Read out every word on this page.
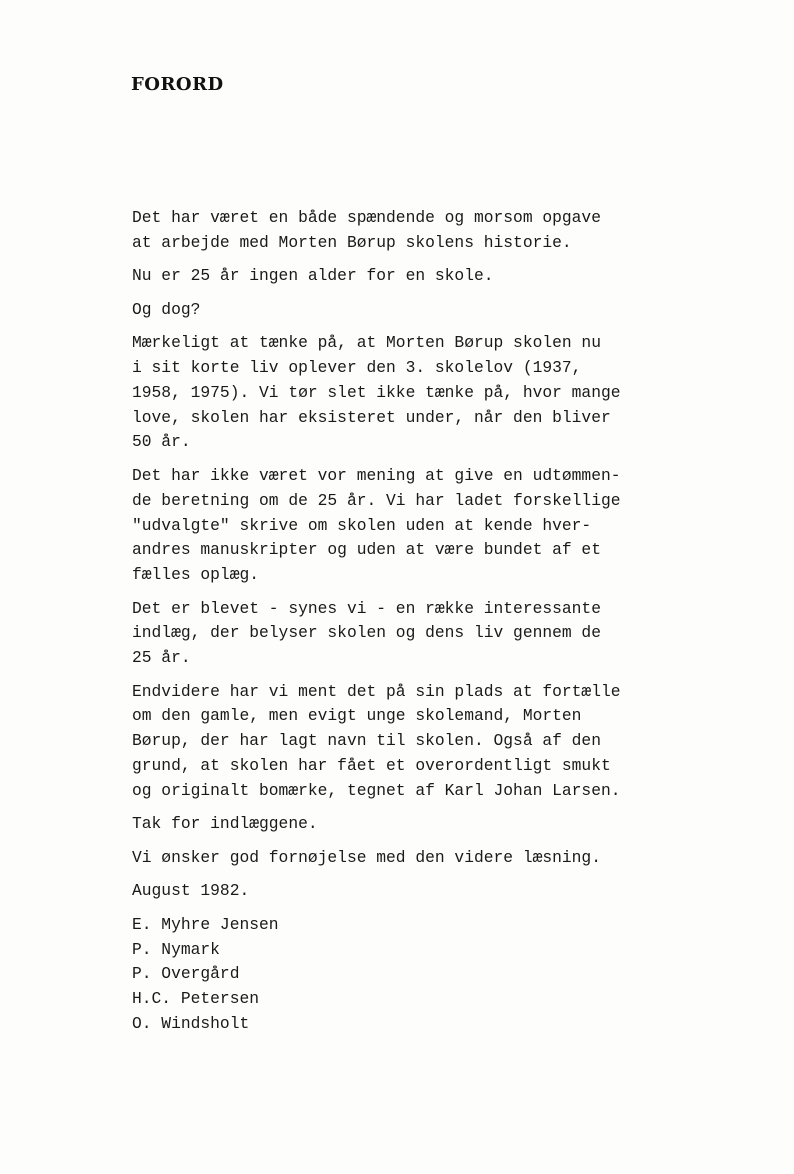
FORORD
Det har været en både spændende og morsom opgave
at arbejde med Morten Børup skolens historie.
Nu er 25 år ingen alder for en skole.
Og dog?
Mærkeligt at tænke på, at Morten Børup skolen nu
i sit korte liv oplever den 3. skolelov (1937,
1958, 1975). Vi tør slet ikke tænke på, hvor mange
love, skolen har eksisteret under, når den bliver
50 år.
Det har ikke været vor mening at give en udtømmen-
de beretning om de 25 år. Vi har ladet forskellige
"udvalgte" skrive om skolen uden at kende hver-
andres manuskripter og uden at være bundet af et
fælles oplæg.
Det er blevet - synes vi - en række interessante
indlæg, der belyser skolen og dens liv gennem de
25 år.
Endvidere har vi ment det på sin plads at fortælle
om den gamle, men evigt unge skolemand, Morten
Børup, der har lagt navn til skolen. Også af den
grund, at skolen har fået et overordentligt smukt
og originalt bomærke, tegnet af Karl Johan Larsen.
Tak for indlæggene.
Vi ønsker god fornøjelse med den videre læsning.
August 1982.
E. Myhre Jensen
P. Nymark
P. Overgård
H.C. Petersen
O. Windsholt
